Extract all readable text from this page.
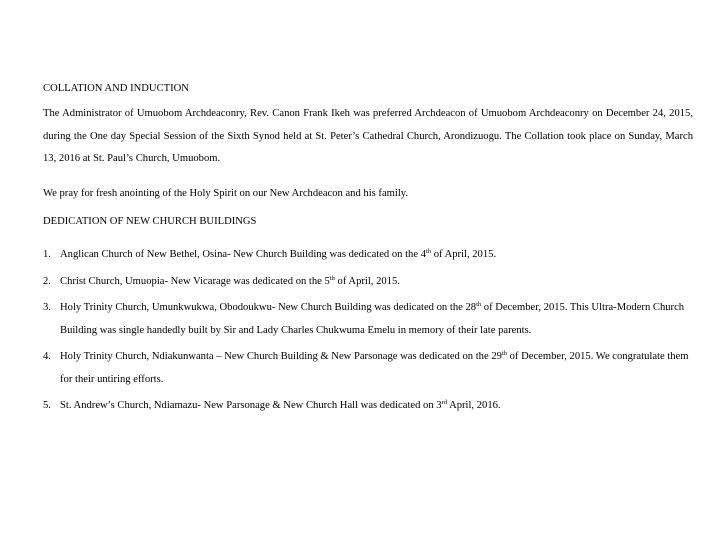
COLLATION AND INDUCTION
The Administrator of Umuobom Archdeaconry, Rev. Canon Frank Ikeh was preferred Archdeacon of Umuobom Archdeaconry on December 24, 2015, during the One day Special Session of the Sixth Synod held at St. Peter’s Cathedral Church, Arondizuogu. The Collation took place on Sunday, March 13, 2016 at St. Paul’s Church, Umuobom.
We pray for fresh anointing of the Holy Spirit on our New Archdeacon and his family.
DEDICATION OF NEW CHURCH BUILDINGS
1. Anglican Church of New Bethel, Osina- New Church Building was dedicated on the 4th of April, 2015.
2. Christ Church, Umuopia- New Vicarage was dedicated on the 5th of April, 2015.
3. Holy Trinity Church, Umunkwukwa, Obodoukwu- New Church Building was dedicated on the 28th of December, 2015. This Ultra-Modern Church Building was single handedly built by Sir and Lady Charles Chukwuma Emelu in memory of their late parents.
4. Holy Trinity Church, Ndiakunwanta – New Church Building & New Parsonage was dedicated on the 29th of December, 2015. We congratulate them for their untiring efforts.
5. St. Andrew’s Church, Ndiamazu- New Parsonage & New Church Hall was dedicated on 3rd April, 2016.
